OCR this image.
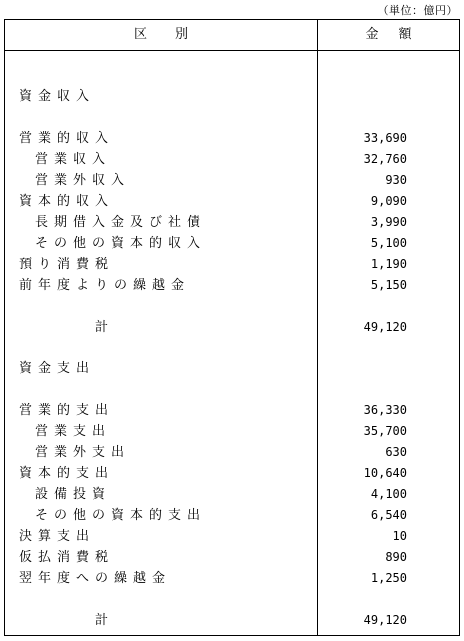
（単位：億円）
区別	金額
資金収入
営業的収入	33,690
営業収入	32,760
営業外収入	930
資本的収入	9,090
長期借入金及び社債	3,990
その他の資本的収入	5,100
預り消費税	1,190
前年度よりの繰越金	5,150
計	49,120
資金支出
営業的支出	36,330
営業支出	35,700
営業外支出	630
資本的支出	10,640
設備投資	4,100
その他の資本的支出	6,540
決算支出	10
仮払消費税	890
翌年度への繰越金	1,250
計	49,120
